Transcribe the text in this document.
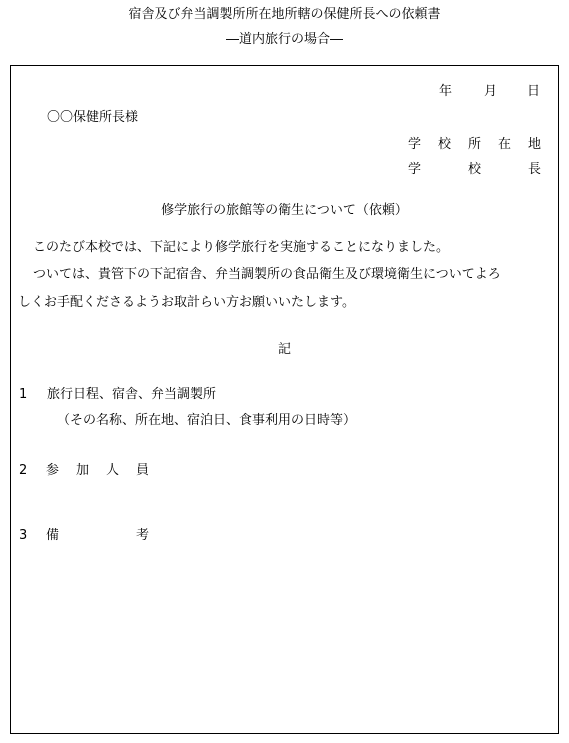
宿舎及び弁当調製所所在地所轄の保健所長への依頼書
―道内旅行の場合―
年 月 日
〇〇保健所長様
学 校 所 在 地
学	校	長
修学旅行の旅館等の衛生について（依頼）
このたび本校では、下記により修学旅行を実施することになりました。
ついては、貴管下の下記宿舎、弁当調製所の食品衛生及び環境衛生についてよろ
しくお手配くださるようお取計らい方お願いいたします。
記
1 旅行日程、宿舎、弁当調製所
（その名称、所在地、宿泊日、食事利用の日時等）
2 参 加 人 員
3 備	考
